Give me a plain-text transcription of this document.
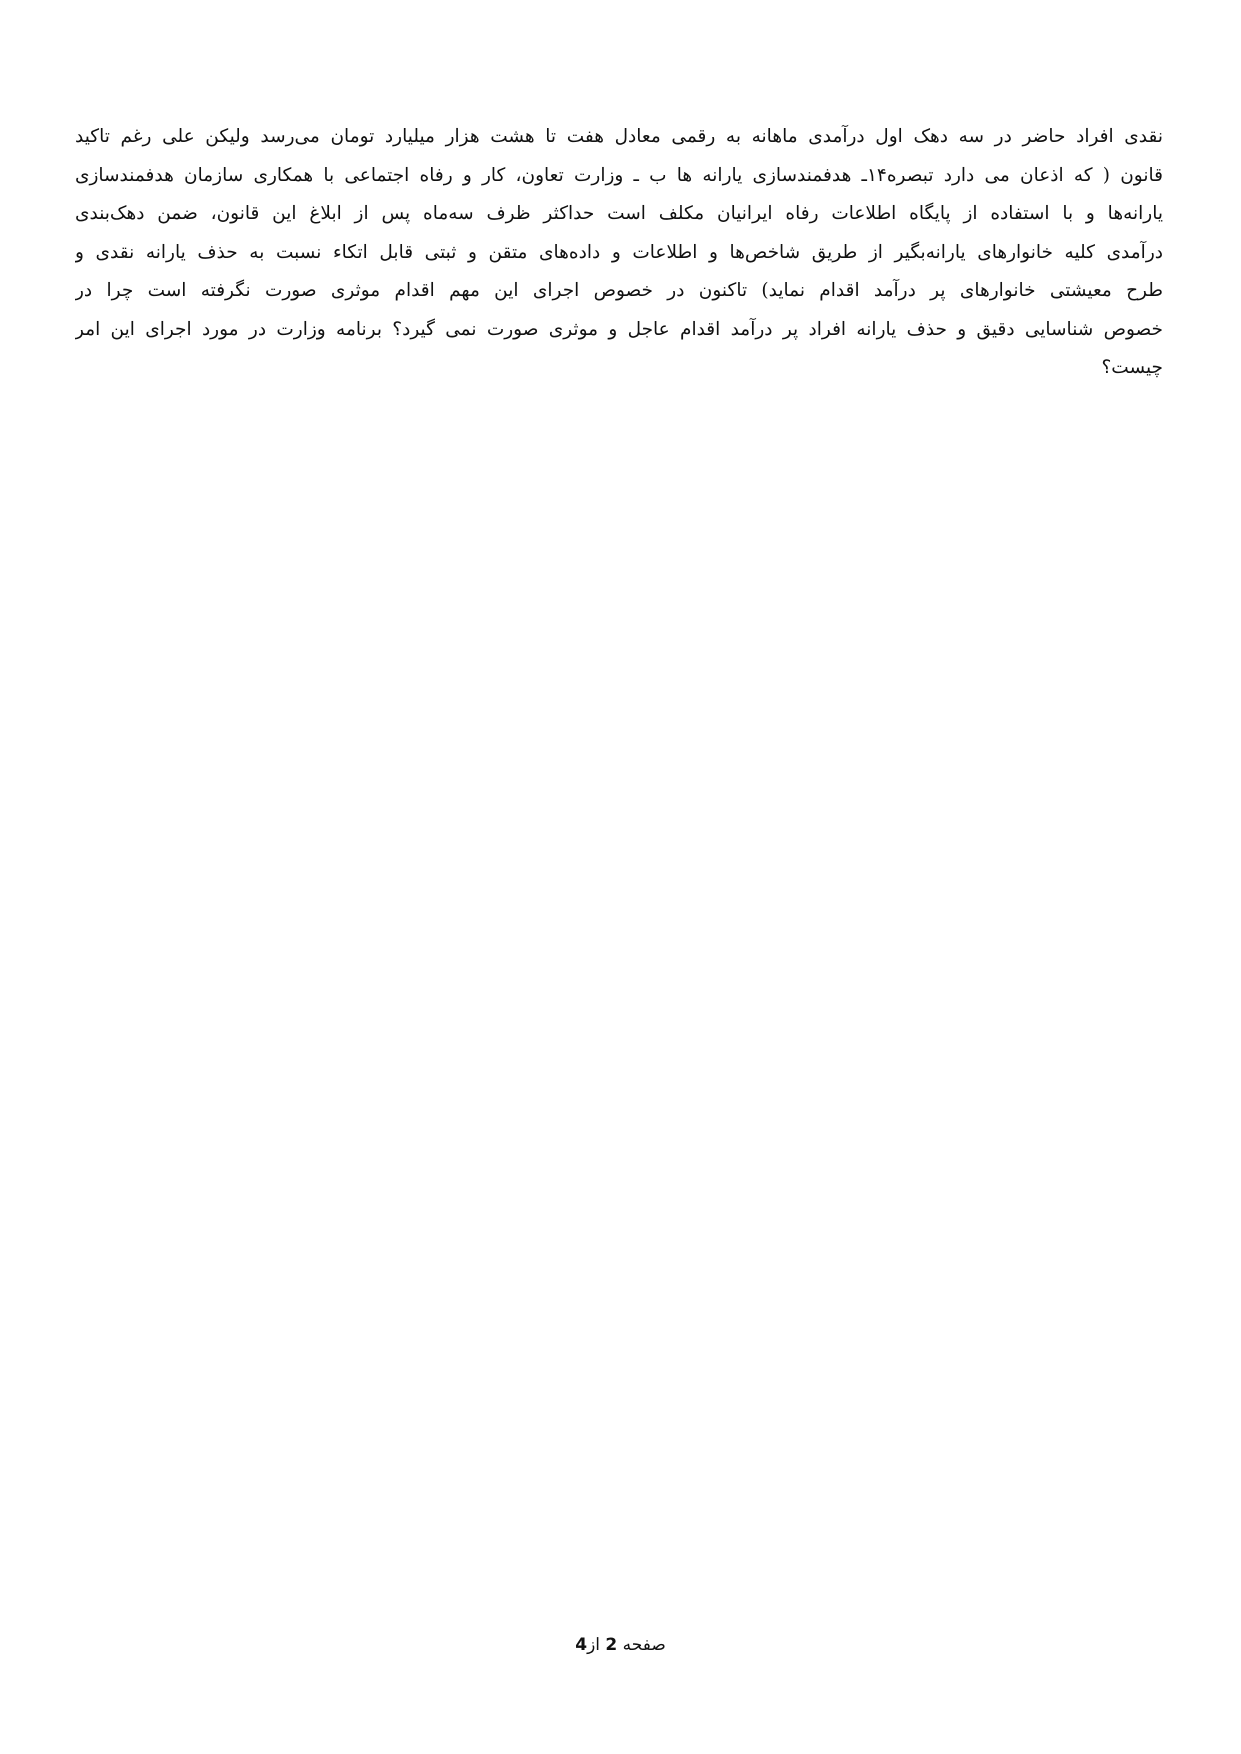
نقدی افراد حاضر در سه دهک اول درآمدی ماهانه به رقمی معادل هفت تا هشت هزار میلیارد تومان می‌رسد ولیکن علی رغم تاکید
قانون ( که اذعان می دارد تبصره۱۴ـ هدفمندسازی یارانه ها ب ـ وزارت تعاون، کار و رفاه اجتماعی با همکاری سازمان هدفمندسازی
یارانه‌ها و با استفاده از پایگاه اطلاعات رفاه ایرانیان مکلف است حداکثر ظرف سه‌ماه پس از ابلاغ این قانون، ضمن دهک‌بندی
درآمدی کلیه خانوارهای یارانه‌بگیر از طریق شاخص‌ها و اطلاعات و داده‌های متقن و ثبتی قابل اتکاء نسبت به حذف یارانه نقدی و
طرح معیشتی خانوارهای پر درآمد اقدام نماید) تاکنون در خصوص اجرای این مهم اقدام موثری صورت نگرفته است چرا در
خصوص شناسایی دقیق و حذف یارانه افراد پر درآمد اقدام عاجل و موثری صورت نمی گیرد؟ برنامه وزارت در مورد اجرای این امر
چیست؟
صفحه 2 از4
